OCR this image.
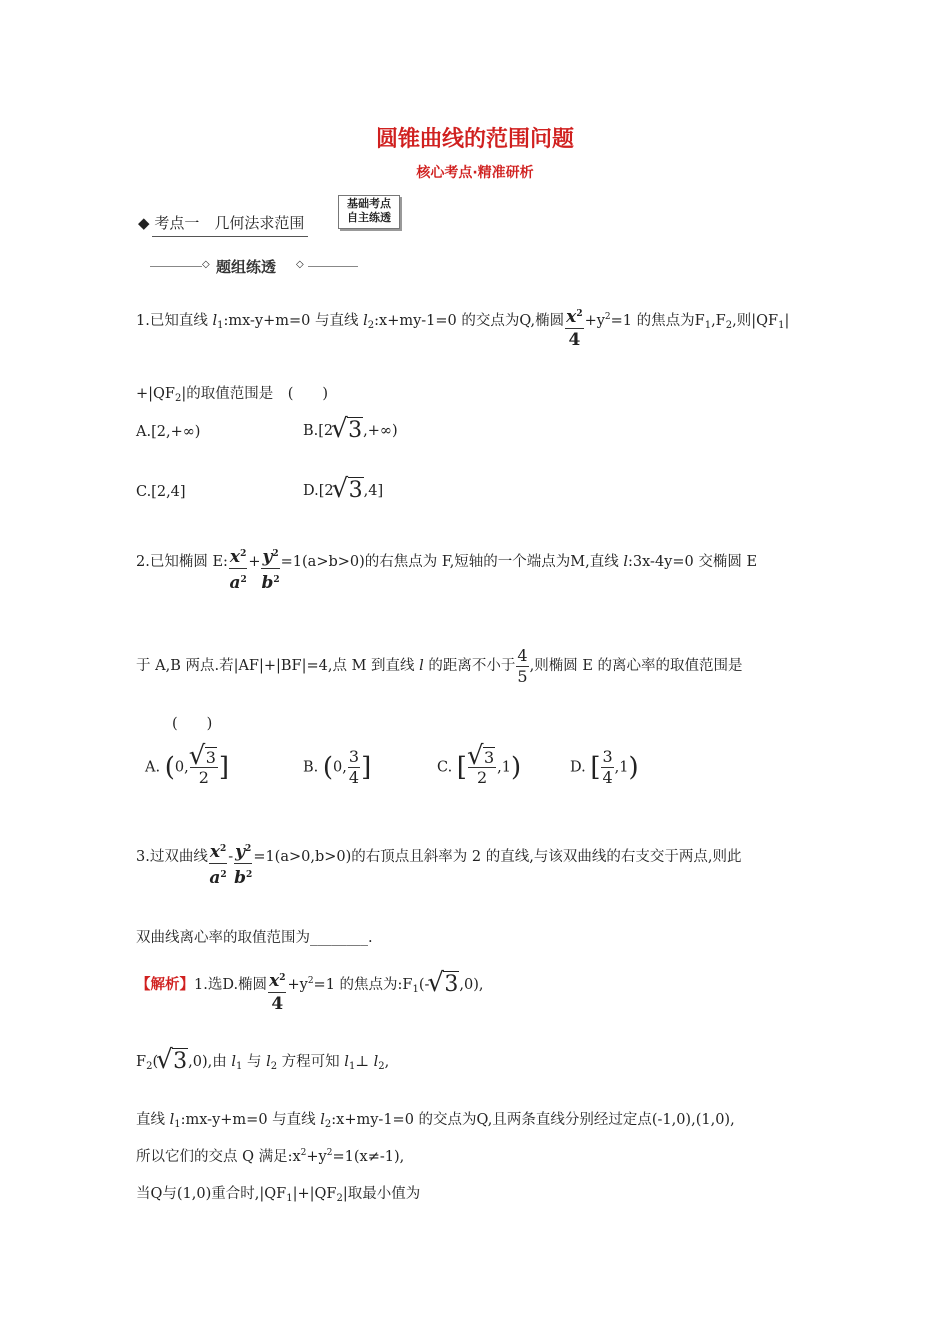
圆锥曲线的范围问题
核心考点·精准研析
◆ 考点一　几何法求范围
基础考点
自主练透
◇ 题组练透 ◇
1.已知直线 $l_1:mx-y+m=0$ 与直线 $l_2:x+my-1=0$ 的交点为Q,椭圆 $\frac{x^2}{4} +y^2=1$ 的焦点为$F_1,F_2$,则$|QF_1|$
$+|QF_2|$的取值范围是　(　　)
A.[2,+∞)	B.[2√ 3,+∞)
C.[2,4]	D.[2√ 3,4]
2.已知椭圆 E: $\frac{x^2}{a^2} + \frac{y^2}{b^2} =1(a>b>0)$的右焦点为 F,短轴的一个端点为M,直线 l:3x-4y=0 交椭圆 E
于 A,B 两点.若|AF|+|BF|=4,点 M 到直线 l 的距离不小于 $\frac{4}{5}$ ,则椭圆 E 的离心率的取值范围是
(　　)
A. (0,
√ $\frac{3}{2}$ ]	B. (0, $\frac{3}{4}$ ]	C. [
√ $\frac{3}{2} ,1$)	D. [ $\frac{3}{4} ,1$)
3.过双曲线 $\frac{x^2}{a^2} - \frac{y^2}{b^2} =1(a>0,b>0)$的右顶点且斜率为 2 的直线,与该双曲线的右支交于两点,则此
双曲线离心率的取值范围为________.
【解析】1.选D.椭圆 $\frac{x^2}{4} +y^2=1$ 的焦点为$:F_1(-√$ 3,0),
$F_2(√$ 3,0),由 $l_1$ 与 $l_2$ 方程可知 $l_1\perp$ $l_2$,
直线 $l_1:mx-y+m=0$ 与直线 $l_2:x+my-1=0$ 的交点为Q,且两条直线分别经过定点(-1,0),(1,0),
所以它们的交点 Q 满足$:x^2+y^2=1(x\ne-1)$,
当Q与(1,0)重合时$,|QF_1|+|QF_2|$取最小值为
